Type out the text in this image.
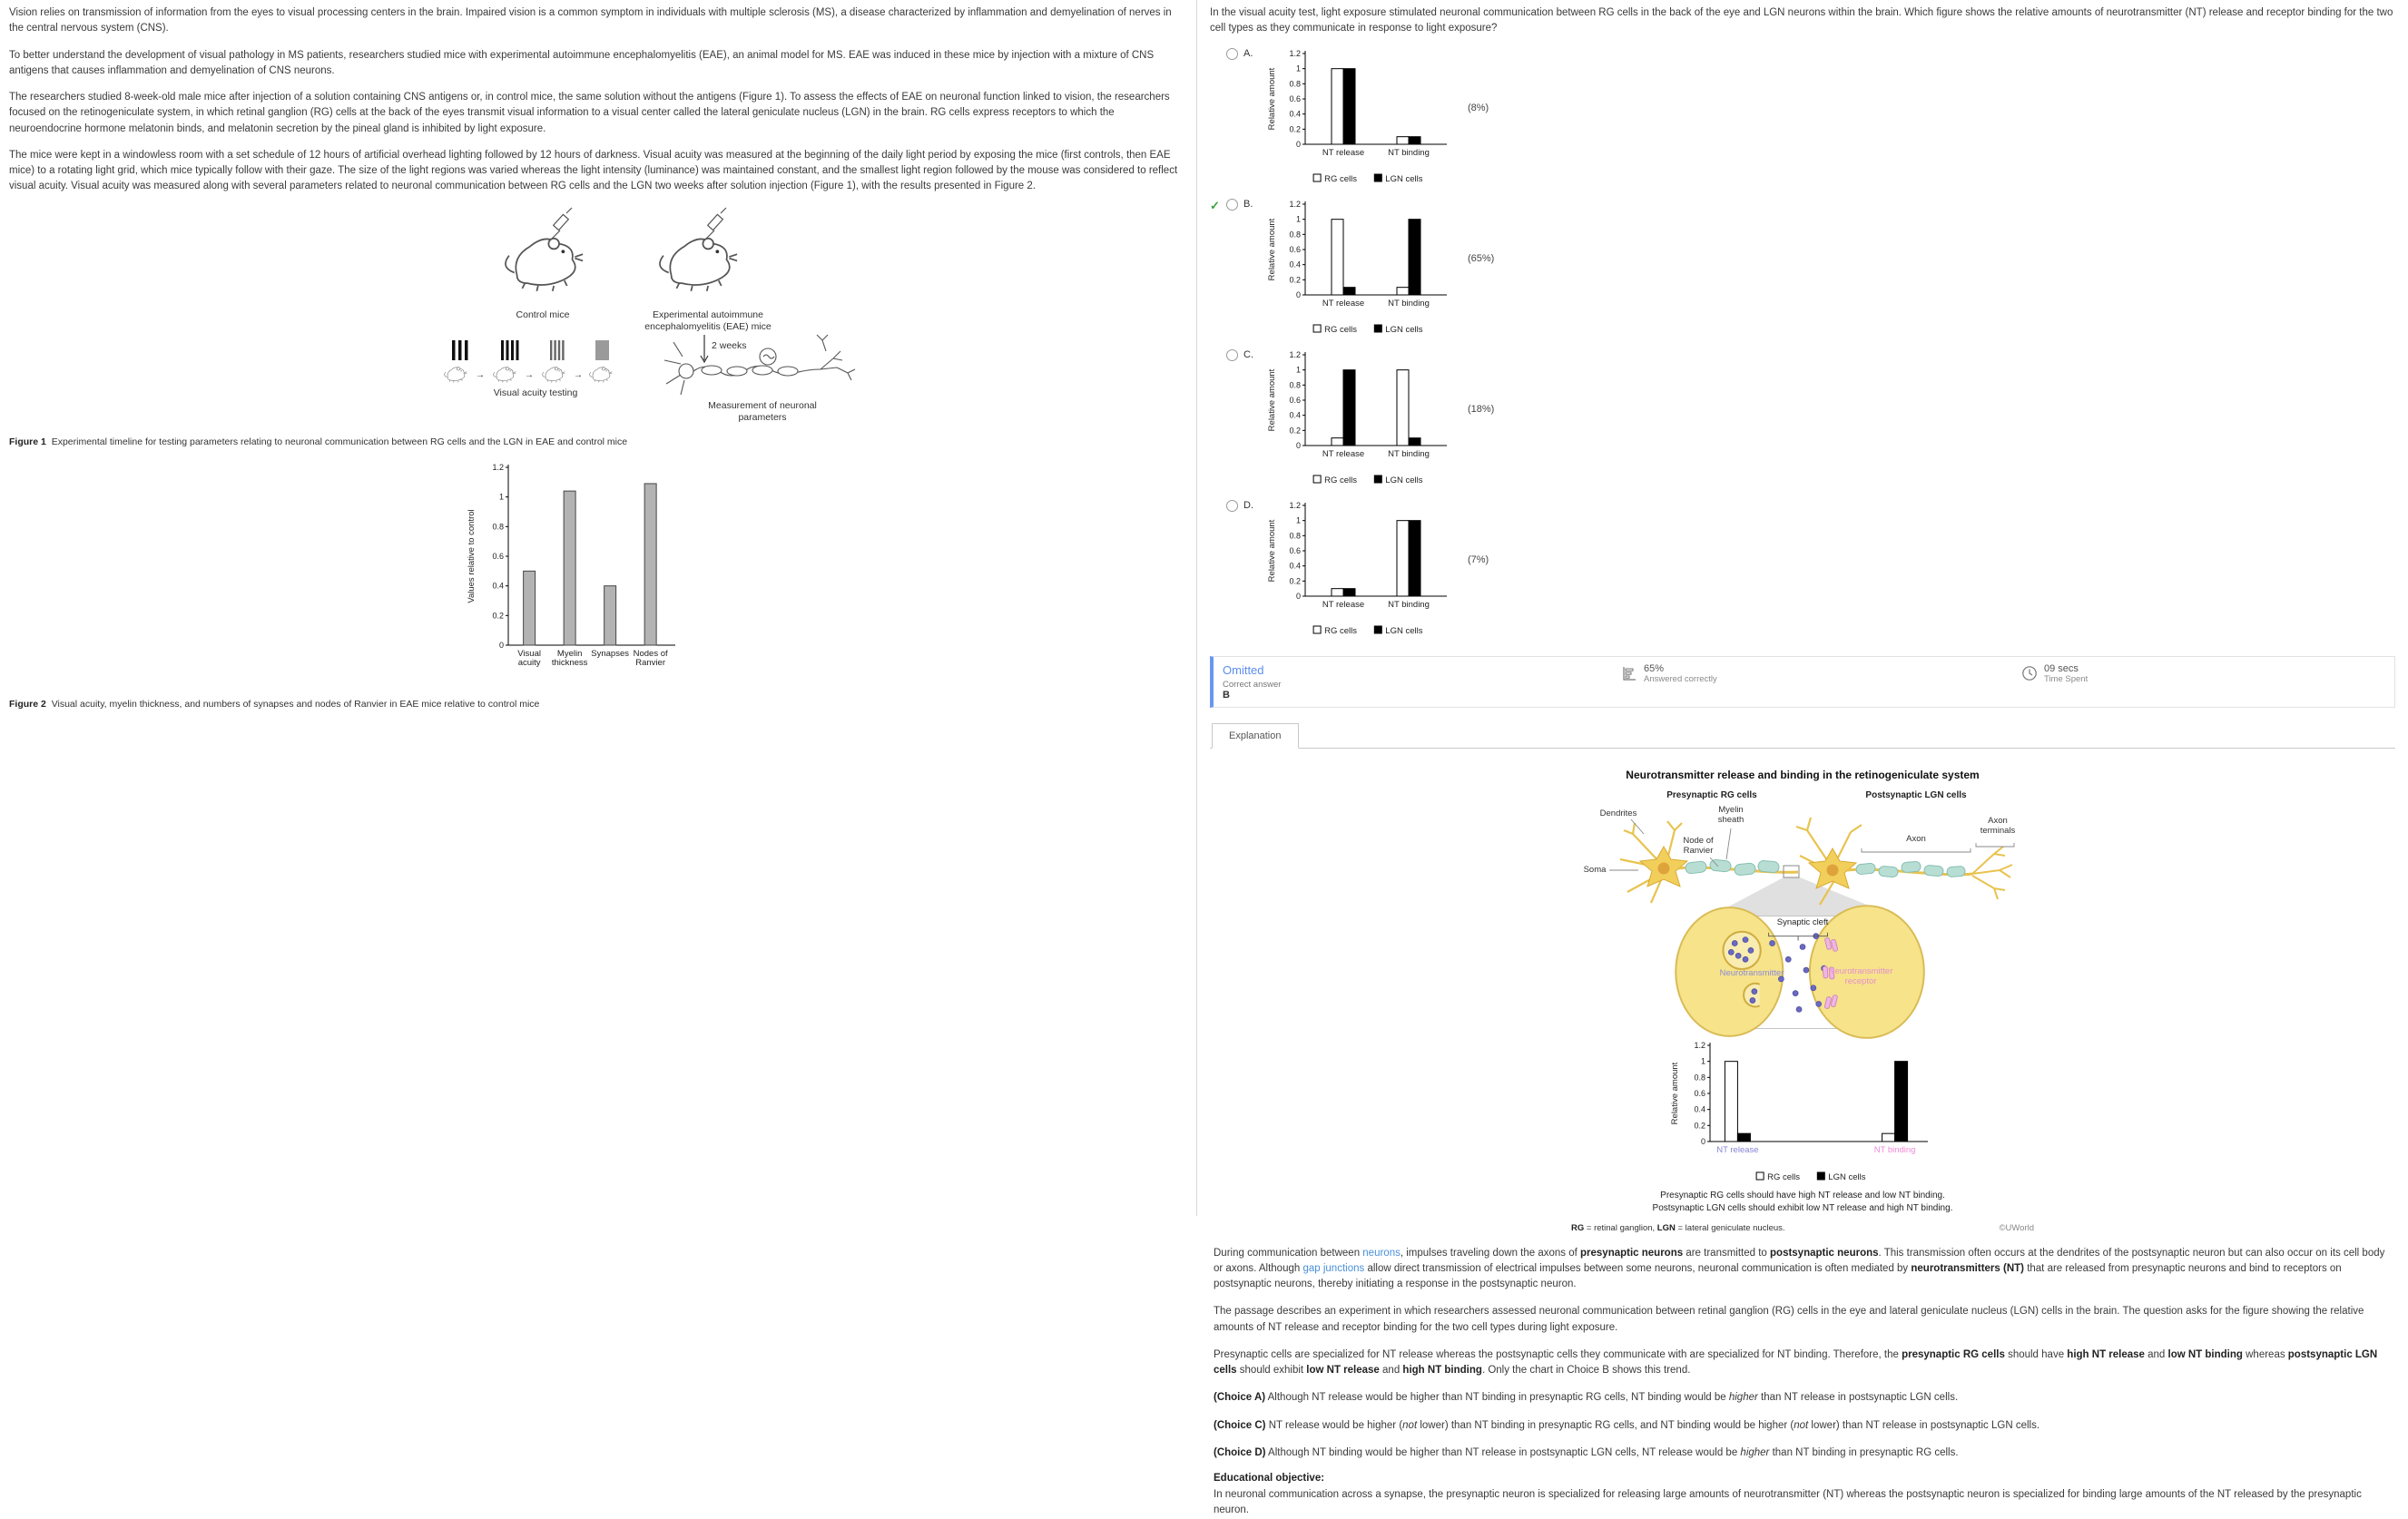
Vision relies on transmission of information from the eyes to visual processing centers in the brain. Impaired vision is a common symptom in individuals with multiple sclerosis (MS), a disease characterized by inflammation and demyelination of nerves in the central nervous system (CNS).

To better understand the development of visual pathology in MS patients, researchers studied mice with experimental autoimmune encephalomyelitis (EAE), an animal model for MS. EAE was induced in these mice by injection with a mixture of CNS antigens that causes inflammation and demyelination of CNS neurons.

The researchers studied 8-week-old male mice after injection of a solution containing CNS antigens or, in control mice, the same solution without the antigens (Figure 1). To assess the effects of EAE on neuronal function linked to vision, the researchers focused on the retinogeniculate system, in which retinal ganglion (RG) cells at the back of the eyes transmit visual information to a visual center called the lateral geniculate nucleus (LGN) in the brain. RG cells express receptors to which the neuroendocrine hormone melatonin binds, and melatonin secretion by the pineal gland is inhibited by light exposure.

The mice were kept in a windowless room with a set schedule of 12 hours of artificial overhead lighting followed by 12 hours of darkness. Visual acuity was measured at the beginning of the daily light period by exposing the mice (first controls, then EAE mice) to a rotating light grid, which mice typically follow with their gaze. The size of the light regions was varied whereas the light intensity (luminance) was maintained constant, and the smallest light region followed by the mouse was considered to reflect visual acuity. Visual acuity was measured along with several parameters related to neuronal communication between RG cells and the LGN two weeks after solution injection (Figure 1), with the results presented in Figure 2.

→	→	→
Control mice	Experimental autoimmune
encephalomyelitis (EAE) mice
2 weeks
Visual acuity testing
Measurement of neuronal
parameters
Figure 1 Experimental timeline for testing parameters relating to neuronal communication between RG cells and the LGN in EAE and control mice
0
0.2
0.4
0.6
0.8
1
1.2
Values relative to control
Visual
acuity
Myelin
thickness
Synapses Nodes of
Ranvier
Figure 2 Visual acuity, myelin thickness, and numbers of synapses and nodes of Ranvier in EAE mice relative to control mice
In the visual acuity test, light exposure stimulated neuronal communication between RG cells in the back of the eye and LGN neurons within the brain. Which figure shows the relative amounts of neurotransmitter (NT) release and receptor binding for the two cell types as they communicate in response to light exposure?
A.
0
0.2
0.4
0.6
0.8
1
1.2
Relative amount
NT release	NT binding
RG cells	LGN cells
(8%)
✓	B.
0
0.2
0.4
0.6
0.8
1
1.2
Relative amount
NT release	NT binding
RG cells	LGN cells
(65%)
C.
0
0.2
0.4
0.6
0.8
1
1.2
Relative amount
NT release	NT binding
RG cells	LGN cells
(18%)
D.
0
0.2
0.4
0.6
0.8
1
1.2
Relative amount
NT release	NT binding
RG cells	LGN cells
(7%)
Omitted
Correct answer
B
65%
Answered correctly
09 secs
Time Spent
Explanation
Neurotransmitter release and binding in the retinogeniculate system
Presynaptic RG cells	Postsynaptic LGN cells
Dendrites	Myelin
sheath
Node of
Ranvier
Soma
Axon
Axon
terminals
Synaptic cleft
Neurotransmitter	Neurotransmitter
receptor
0
0.2
0.4
0.6
0.8
1
1.2
Relative amount
NT release	NT binding
RG cells	LGN cells
Presynaptic RG cells should have high NT release and low NT binding.
Postsynaptic LGN cells should exhibit low NT release and high NT binding.
RG = retinal ganglion, LGN = lateral geniculate nucleus.	©UWorld

During communication between neurons, impulses traveling down the axons of presynaptic neurons are transmitted to postsynaptic neurons. This transmission often occurs at the dendrites of the postsynaptic neuron but can also occur on its cell body or axons. Although gap junctions allow direct transmission of electrical impulses between some neurons, neuronal communication is often mediated by neurotransmitters (NT) that are released from presynaptic neurons and bind to receptors on postsynaptic neurons, thereby initiating a response in the postsynaptic neuron.

The passage describes an experiment in which researchers assessed neuronal communication between retinal ganglion (RG) cells in the eye and lateral geniculate nucleus (LGN) cells in the brain. The question asks for the figure showing the relative amounts of NT release and receptor binding for the two cell types during light exposure.

Presynaptic cells are specialized for NT release whereas the postsynaptic cells they communicate with are specialized for NT binding. Therefore, the presynaptic RG cells should have high NT release and low NT binding whereas postsynaptic LGN cells should exhibit low NT release and high NT binding. Only the chart in Choice B shows this trend.

(Choice A) Although NT release would be higher than NT binding in presynaptic RG cells, NT binding would be higher than NT release in postsynaptic LGN cells.

(Choice C) NT release would be higher (not lower) than NT binding in presynaptic RG cells, and NT binding would be higher (not lower) than NT release in postsynaptic LGN cells.

(Choice D) Although NT binding would be higher than NT release in postsynaptic LGN cells, NT release would be higher than NT binding in presynaptic RG cells.

Educational objective:

In neuronal communication across a synapse, the presynaptic neuron is specialized for releasing large amounts of neurotransmitter (NT) whereas the postsynaptic neuron is specialized for binding large amounts of the NT released by the presynaptic neuron.
